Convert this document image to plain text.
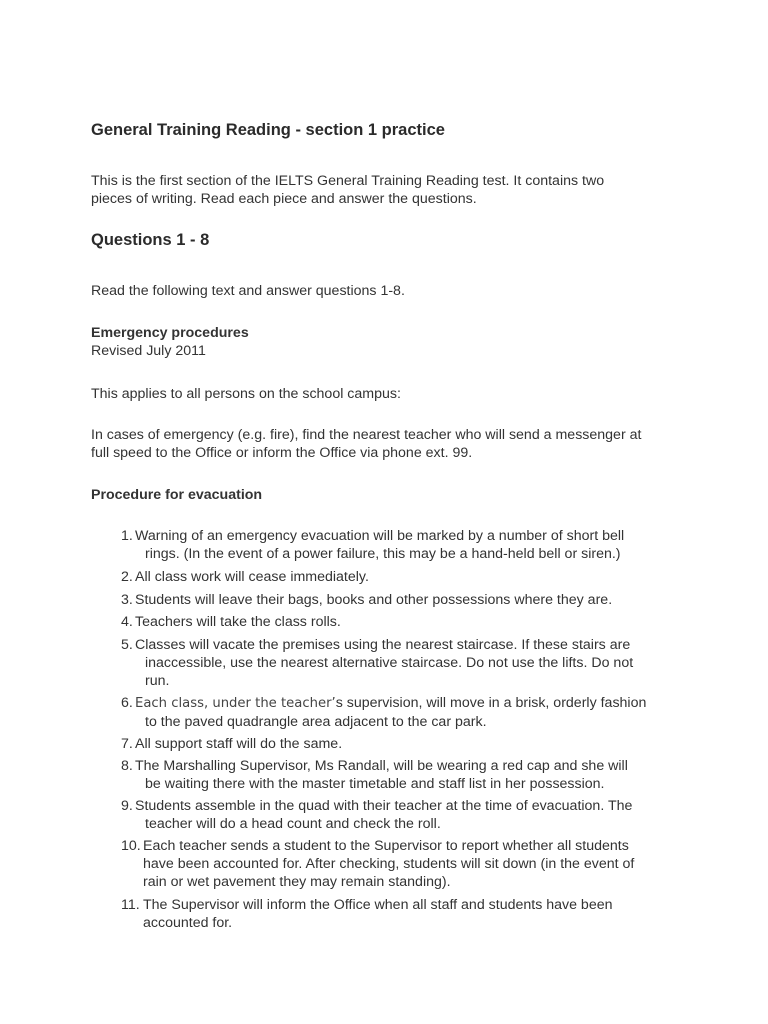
General Training Reading - section 1 practice
This is the first section of the IELTS General Training Reading test. It contains two
pieces of writing. Read each piece and answer the questions.
Questions 1 - 8
Read the following text and answer questions 1-8.
Emergency procedures
Revised July 2011
This applies to all persons on the school campus:
In cases of emergency (e.g. fire), find the nearest teacher who will send a messenger at
full speed to the Office or inform the Office via phone ext. 99.
Procedure for evacuation
1. Warning of an emergency evacuation will be marked by a number of short bell
rings. (In the event of a power failure, this may be a hand-held bell or siren.)
2. All class work will cease immediately.
3. Students will leave their bags, books and other possessions where they are.
4. Teachers will take the class rolls.
5. Classes will vacate the premises using the nearest staircase. If these stairs are
inaccessible, use the nearest alternative staircase. Do not use the lifts. Do not
run.
6. Each class, under the teacher’s supervision, will move in a brisk, orderly fashion
to the paved quadrangle area adjacent to the car park.
7. All support staff will do the same.
8. The Marshalling Supervisor, Ms Randall, will be wearing a red cap and she will
be waiting there with the master timetable and staff list in her possession.
9. Students assemble in the quad with their teacher at the time of evacuation. The
teacher will do a head count and check the roll.
10. Each teacher sends a student to the Supervisor to report whether all students
have been accounted for. After checking, students will sit down (in the event of
rain or wet pavement they may remain standing).
11. The Supervisor will inform the Office when all staff and students have been
accounted for.
